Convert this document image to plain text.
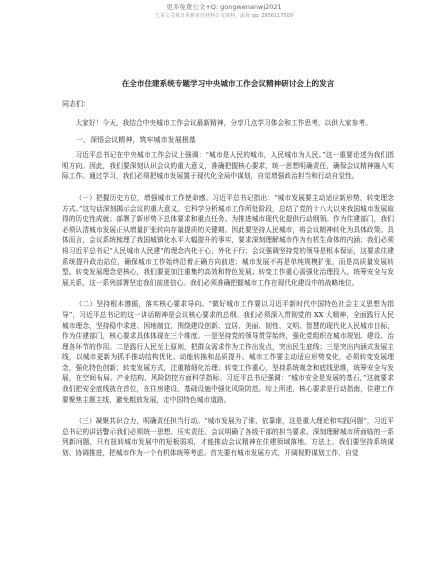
更多免费公文+Q: gongwenanwj2021
七哥公文每日更新单位材料公文资料，添加 qq: 2956117509
在全市住建系统专题学习中央城市工作会议精神研讨会上的发言
同志们：

大家好！今天，我结合中央城市工作会议最新精神，分享几点学习体会和工作思考，以供大家参考。

一、深悟会议精神，筑牢城市发展根基

习近平总书记在中央城市工作会议上强调：“城市是人民的城市，人民城市为人民。”这一重要论述为我们指明方向。因此，我们要深刻认识会议的重大意义，准确把握核心要求，统一思想明确责任，确保会议精神融入实际工作。通过学习，我们必须把城市发展置于现代化全局中谋划，自觉增强政治担当和行动自觉性。

（一）把握历史方位，增强城市工作使命感。习近平总书记指出：“城市发展要主动适应新形势，转变理念方式。”这句话深刻揭示会议的重大意义。它科学分析城市工作所处阶段，总结了党的十八大以来我国城市发展取得的历史性成就；部署了新形势下总体要求和重点任务。为推进城市现代化提供行动纲领。作为住建部门，我们必须认清城市发展正从增量扩张转向存量提质的关键期。因此要坚持人民城市，将会议精神转化为具体政策。具体而言，会议系统梳理了我国城镇化水平大幅提升的事实，要求深刻理解城市作为有机生命体的内涵；我们必须将习近平总书记“人民城市人民建”的理念内化于心，外化于行；会议强调坚持党的领导是根本保证，这要求住建系统提升政治站位，确保城市工作始终沿着正确方向前进；城市发展不再是单纯规模扩张，而是高质量发展转型。转变发展理念是核心，我们要更加注重集约高效和特色发展；转变工作重心需强化治理投入。统筹安全与发展关系，这一系列部署坚定我们前进信心。我们必须准确把握城市工作在现代化建设中的战略地位。

（二）坚持根本遵循，落实核心要求导向。“做好城市工作要以习近平新时代中国特色社会主义思想为指导”，习近平总书记的这一讲话精神是会议核心要求的总纲。我们必须深入贯彻党的 XX 大精神，全面践行人民城市理念，坚持稳中求进、因地制宜，围绕建设创新、宜居、美丽、韧性、文明、智慧的现代化人民城市目标，作为住建部门，核心要求具体体现在三个维度。一是坚持党的领导贯穿始终，强化党组织在城市规划、建设、治理各环节的作用。二是践行人民至上原则，把群众需求作为工作出发点，突出民生底线；三是突出内涵式发展主线，以城市更新为抓手推动结构优化、动能转换和品质提升。城市工作要主动适应形势变化，必须转变发展理念，强化特色创新；转变发展方式，注重精细化治理；转变工作重心，坚持系统观念和底线思维，统筹安全与发展，在空间布局、产业结构、风险防控方面科学指标。习近平总书记强调：“城市安全是发展的基石，”这就要求我们把安全底线放在首位，在住房建设、基础设施中强化风险防范。综上所述，核心要求是行动指南，住建工作要聚焦主题主线，避免粗放发展，走中国特色城市道路。

（三）凝聚共识合力，明确责任担当行动。“城市发展为了谁、依靠谁，这是重大理论和实践问题”，习近平总书记的讲话警示我们必须统一思想、压实责任。会议明确了各级干部的担当要求。深刻理解城市所面临的一系列新问题，只有扭转城市发展中的短板弱项，才能推动会议精神在住建领域落地。方法上，我们要坚持系统谋划、协调推进，把城市作为一个有机体统筹考虑。首先要有城市发展方式，开阔视野谋划工作，自觉
